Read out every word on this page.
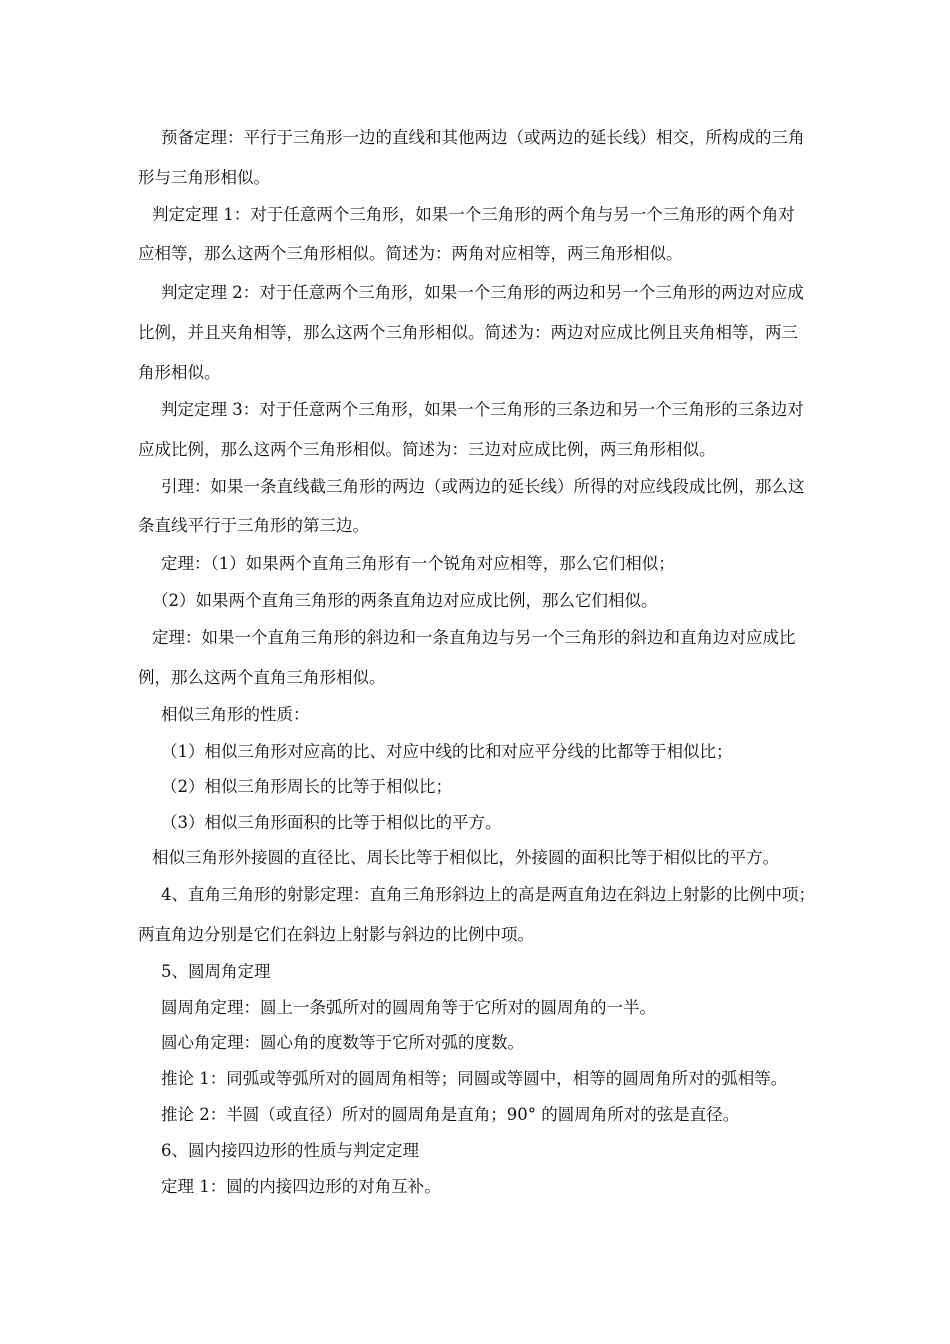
预备定理：平行于三角形一边的直线和其他两边（或两边的延长线）相交，所构成的三角
形与三角形相似。
判定定理 1：对于任意两个三角形，如果一个三角形的两个角与另一个三角形的两个角对
应相等，那么这两个三角形相似。简述为：两角对应相等，两三角形相似。
判定定理 2：对于任意两个三角形，如果一个三角形的两边和另一个三角形的两边对应成
比例，并且夹角相等，那么这两个三角形相似。简述为：两边对应成比例且夹角相等，两三
角形相似。
判定定理 3：对于任意两个三角形，如果一个三角形的三条边和另一个三角形的三条边对
应成比例，那么这两个三角形相似。简述为：三边对应成比例，两三角形相似。
引理：如果一条直线截三角形的两边（或两边的延长线）所得的对应线段成比例，那么这
条直线平行于三角形的第三边。
定理：（1）如果两个直角三角形有一个锐角对应相等，那么它们相似；
（2）如果两个直角三角形的两条直角边对应成比例，那么它们相似。
定理：如果一个直角三角形的斜边和一条直角边与另一个三角形的斜边和直角边对应成比
例，那么这两个直角三角形相似。
相似三角形的性质：
（1）相似三角形对应高的比、对应中线的比和对应平分线的比都等于相似比；
（2）相似三角形周长的比等于相似比；
（3）相似三角形面积的比等于相似比的平方。
相似三角形外接圆的直径比、周长比等于相似比，外接圆的面积比等于相似比的平方。
4、直角三角形的射影定理：直角三角形斜边上的高是两直角边在斜边上射影的比例中项；
两直角边分别是它们在斜边上射影与斜边的比例中项。
5、圆周角定理
圆周角定理：圆上一条弧所对的圆周角等于它所对的圆周角的一半。
圆心角定理：圆心角的度数等于它所对弧的度数。
推论 1：同弧或等弧所对的圆周角相等；同圆或等圆中，相等的圆周角所对的弧相等。
推论 2：半圆（或直径）所对的圆周角是直角；90° 的圆周角所对的弦是直径。
6、圆内接四边形的性质与判定定理
定理 1：圆的内接四边形的对角互补。
